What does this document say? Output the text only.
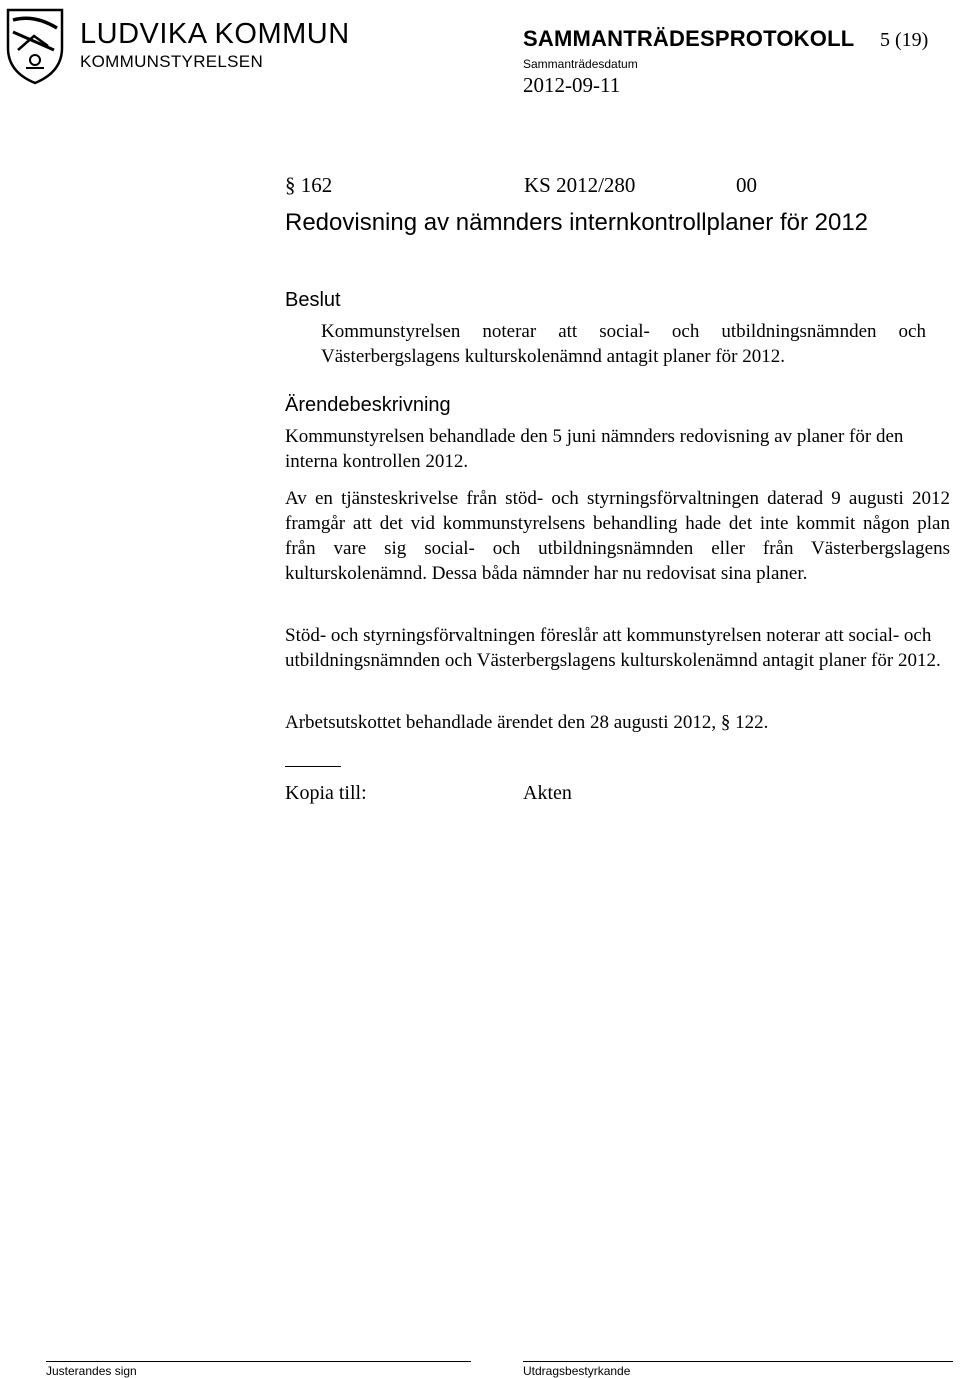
LUDVIKA KOMMUN
KOMMUNSTYRELSEN
SAMMANTRÄDESPROTOKOLL 5 (19)
Sammanträdesdatum
2012-09-11
§ 162	KS 2012/280	00
Redovisning av nämnders internkontrollplaner för 2012
Beslut
Kommunstyrelsen noterar att social- och utbildningsnämnden och Västerbergslagens kulturskolenämnd antagit planer för 2012.
Ärendebeskrivning
Kommunstyrelsen behandlade den 5 juni nämnders redovisning av planer för den interna kontrollen 2012.
Av en tjänsteskrivelse från stöd- och styrningsförvaltningen daterad 9 augusti 2012 framgår att det vid kommunstyrelsens behandling hade det inte kommit någon plan från vare sig social- och utbildningsnämnden eller från Västerbergslagens kulturskolenämnd. Dessa båda nämnder har nu redovisat sina planer.
Stöd- och styrningsförvaltningen föreslår att kommunstyrelsen noterar att social- och utbildningsnämnden och Västerbergslagens kulturskolenämnd antagit planer för 2012.
Arbetsutskottet behandlade ärendet den 28 augusti 2012, § 122.
Kopia till:	Akten
Justerandes sign	Utdragsbestyrkande
